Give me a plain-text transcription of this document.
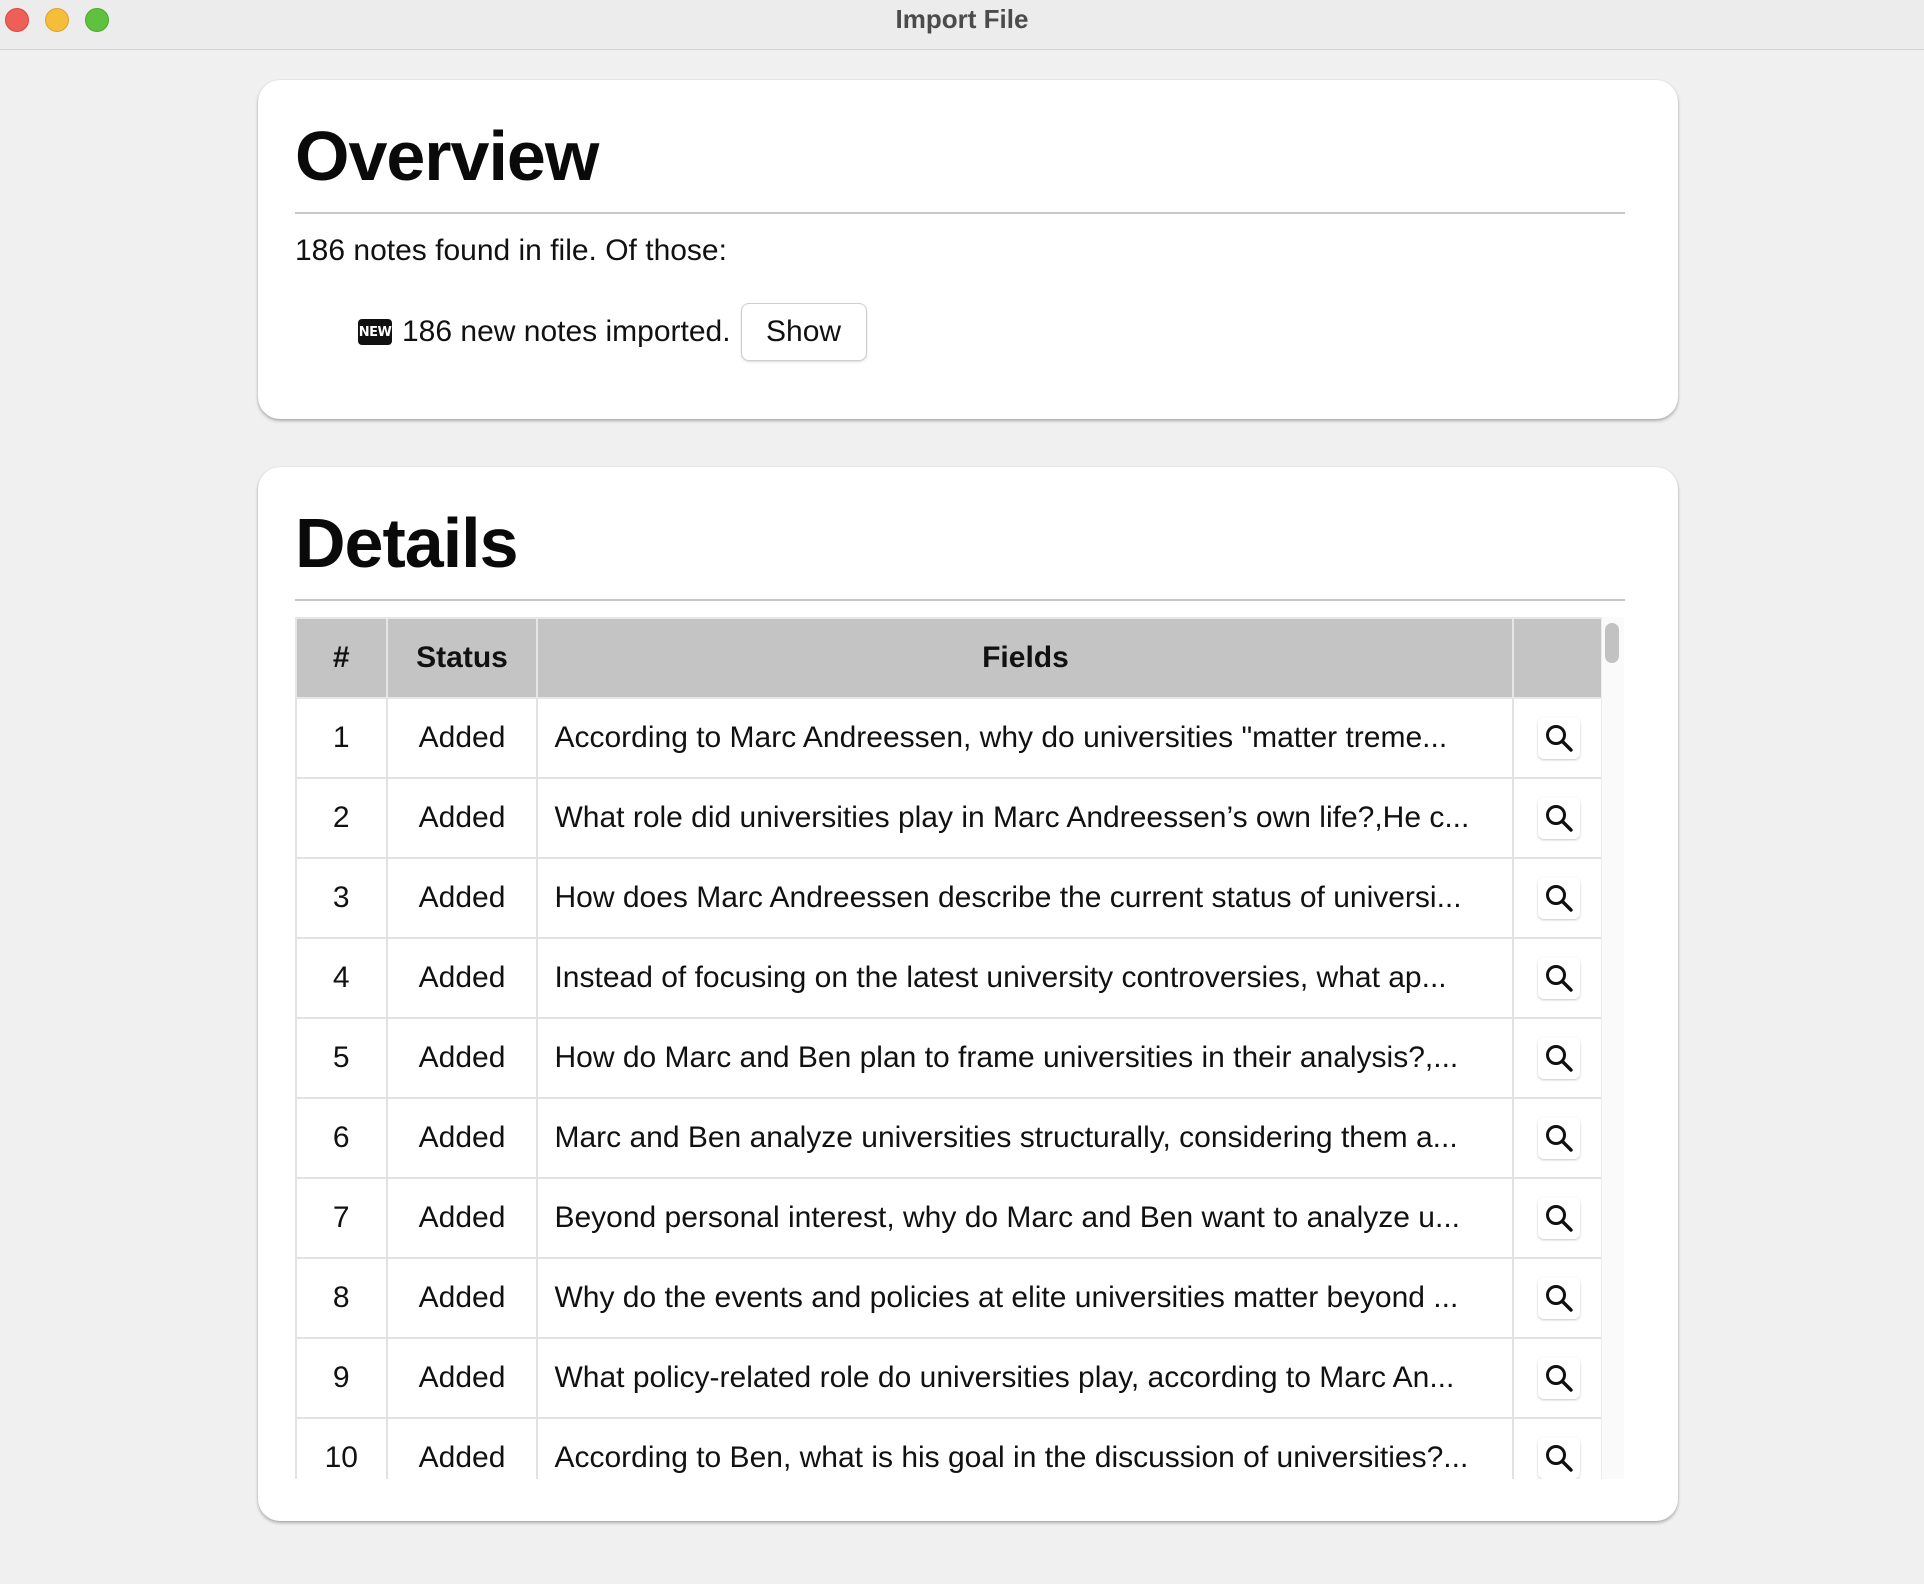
Import File
Overview
186 notes found in file. Of those:
NEW 186 new notes imported.	Show
Details
#	Status	Fields	
1	Added	According to Marc Andreessen, why do universities "matter treme...	

2	Added	What role did universities play in Marc Andreessen’s own life?,He c...	

3	Added	How does Marc Andreessen describe the current status of universi...	

4	Added	Instead of focusing on the latest university controversies, what ap...	

5	Added	How do Marc and Ben plan to frame universities in their analysis?,...	

6	Added	Marc and Ben analyze universities structurally, considering them a...	

7	Added	Beyond personal interest, why do Marc and Ben want to analyze u...	

8	Added	Why do the events and policies at elite universities matter beyond ...	

9	Added	What policy-related role do universities play, according to Marc An...	

10	Added	According to Ben, what is his goal in the discussion of universities?...	
